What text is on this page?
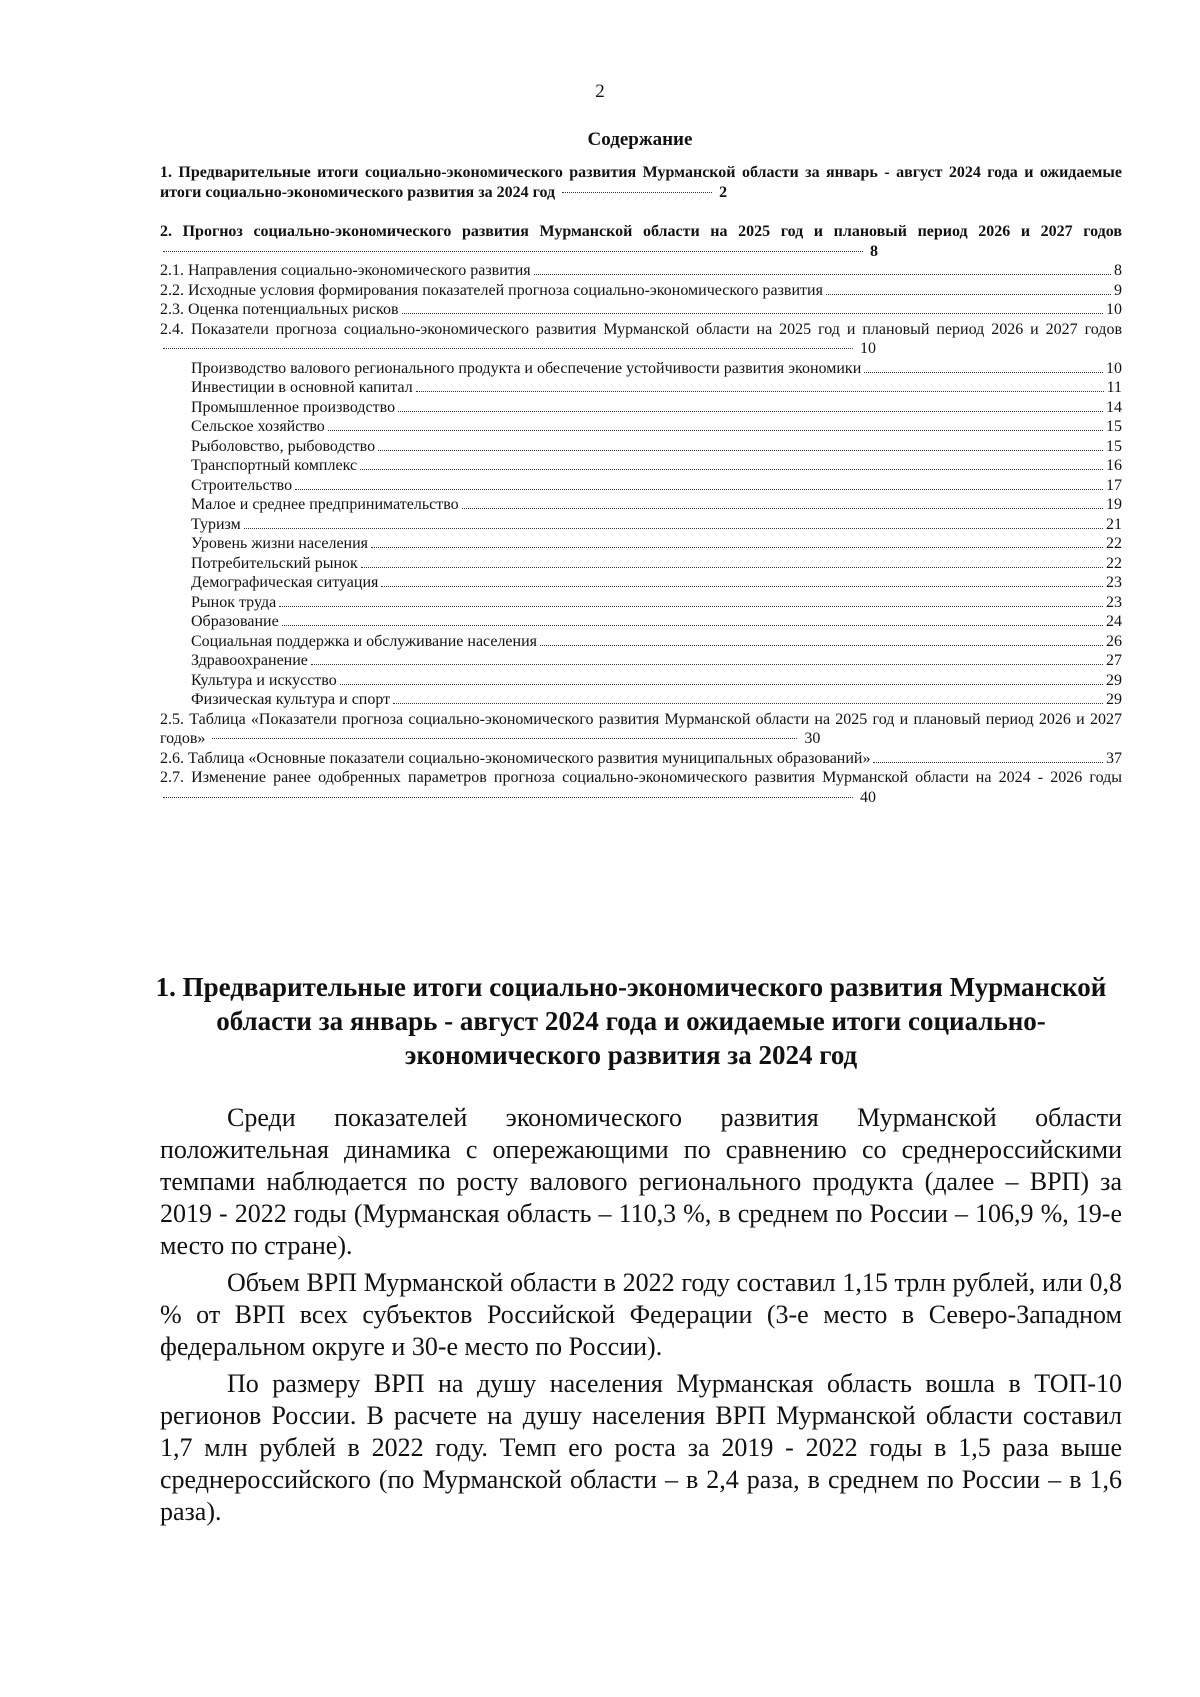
2
Содержание
1. Предварительные итоги социально-экономического развития Мурманской области за январь - август 2024 года и ожидаемые итоги социально-экономического развития за 2024 год	2
2. Прогноз социально-экономического развития Мурманской области на 2025 год и плановый период 2026 и 2027 годов  8
2.1. Направления социально-экономического развития	8
2.2. Исходные условия формирования показателей прогноза социально-экономического развития	9
2.3. Оценка потенциальных рисков	10
2.4. Показатели прогноза социально-экономического развития Мурманской области на 2025 год и плановый период 2026 и 2027 годов  10
Производство валового регионального продукта и обеспечение устойчивости развития экономики	10
Инвестиции в основной капитал	11
Промышленное производство	14
Сельское хозяйство	15
Рыболовство, рыбоводство	15
Транспортный комплекс	16
Строительство	17
Малое и среднее предпринимательство	19
Туризм	21
Уровень жизни населения	22
Потребительский рынок	22
Демографическая ситуация	23
Рынок труда	23
Образование	24
Социальная поддержка и обслуживание населения	26
Здравоохранение	27
Культура и искусство	29
Физическая культура и спорт	29
2.5. Таблица «Показатели прогноза социально-экономического развития Мурманской области на 2025 год и плановый период 2026 и 2027 годов»	30
2.6. Таблица «Основные показатели социально-экономического развития муниципальных образований»	37
2.7. Изменение ранее одобренных параметров прогноза социально-экономического развития Мурманской области на 2024 - 2026 годы  40
1. Предварительные итоги социально-экономического развития Мурманской области за январь - август 2024 года и ожидаемые итоги социально-экономического развития за 2024 год

Среди показателей экономического развития Мурманской области положительная динамика с опережающими по сравнению со среднероссийскими темпами наблюдается по росту валового регионального продукта (далее – ВРП) за 2019 - 2022 годы (Мурманская область – 110,3 %, в среднем по России – 106,9 %, 19-е место по стране).

Объем ВРП Мурманской области в 2022 году составил 1,15 трлн рублей, или 0,8 % от ВРП всех субъектов Российской Федерации (3-е место в Северо-Западном федеральном округе и 30-е место по России).

По размеру ВРП на душу населения Мурманская область вошла в ТОП-10 регионов России. В расчете на душу населения ВРП Мурманской области составил 1,7 млн рублей в 2022 году. Темп его роста за 2019 - 2022 годы в 1,5 раза выше среднероссийского (по Мурманской области – в 2,4 раза, в среднем по России – в 1,6 раза).
